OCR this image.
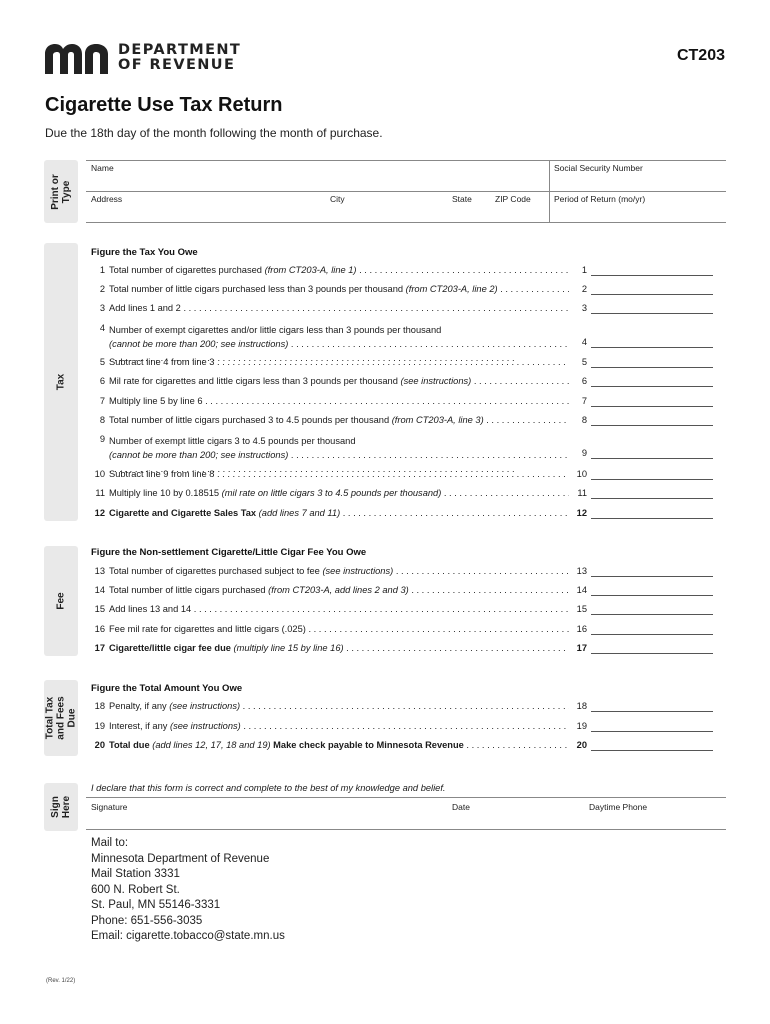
DEPARTMENT
OF REVENUE
CT203
Cigarette Use Tax Return
Due the 18th day of the month following the month of purchase.
Print or Type
Tax
Fee
Total Tax and Fees Due
Sign Here
Name	Social Security Number
Address	City	State	ZIP Code	Period of Return (mo/yr)
Figure the Tax You Owe
1 Total number of cigarettes purchased (from CT203-A, line 1) . . .	1
2 Total number of little cigars purchased less than 3 pounds per thousand (from CT203-A, line 2) . . .	2
3 Add lines 1 and 2 . . .	3
4 Number of exempt cigarettes and/or little cigars less than 3 pounds per thousand
(cannot be more than 200; see instructions) . . .	4
5 Subtract line 4 from line 3 . . .	5
6 Mil rate for cigarettes and little cigars less than 3 pounds per thousand (see instructions) . . .	6
7 Multiply line 5 by line 6 . . .	7
8 Total number of little cigars purchased 3 to 4.5 pounds per thousand (from CT203-A, line 3) . . .	8
9 Number of exempt little cigars 3 to 4.5 pounds per thousand
(cannot be more than 200; see instructions) . . .	9
10 Subtract line 9 from line 8 . . .	10
11 Multiply line 10 by 0.18515 (mil rate on little cigars 3 to 4.5 pounds per thousand) . . .	11
12 Cigarette and Cigarette Sales Tax (add lines 7 and 11) . . .	12
Figure the Non-settlement Cigarette/Little Cigar Fee You Owe
13 Total number of cigarettes purchased subject to fee (see instructions) . . .	13
14 Total number of little cigars purchased (from CT203-A, add lines 2 and 3) . . .	14
15 Add lines 13 and 14 . . .	15
16 Fee mil rate for cigarettes and little cigars (.025) . . .	16
17 Cigarette/little cigar fee due (multiply line 15 by line 16) . . .	17
Figure the Total Amount You Owe
18 Penalty, if any (see instructions) . . .	18
19 Interest, if any (see instructions) . . .	19
20 Total due (add lines 12, 17, 18 and 19) Make check payable to Minnesota Revenue . . .	20
I declare that this form is correct and complete to the best of my knowledge and belief.
Signature	Date	Daytime Phone
Mail to:
Minnesota Department of Revenue
Mail Station 3331
600 N. Robert St.
St. Paul, MN 55146-3331
Phone: 651-556-3035
Email: cigarette.tobacco@state.mn.us
(Rev. 1/22)
